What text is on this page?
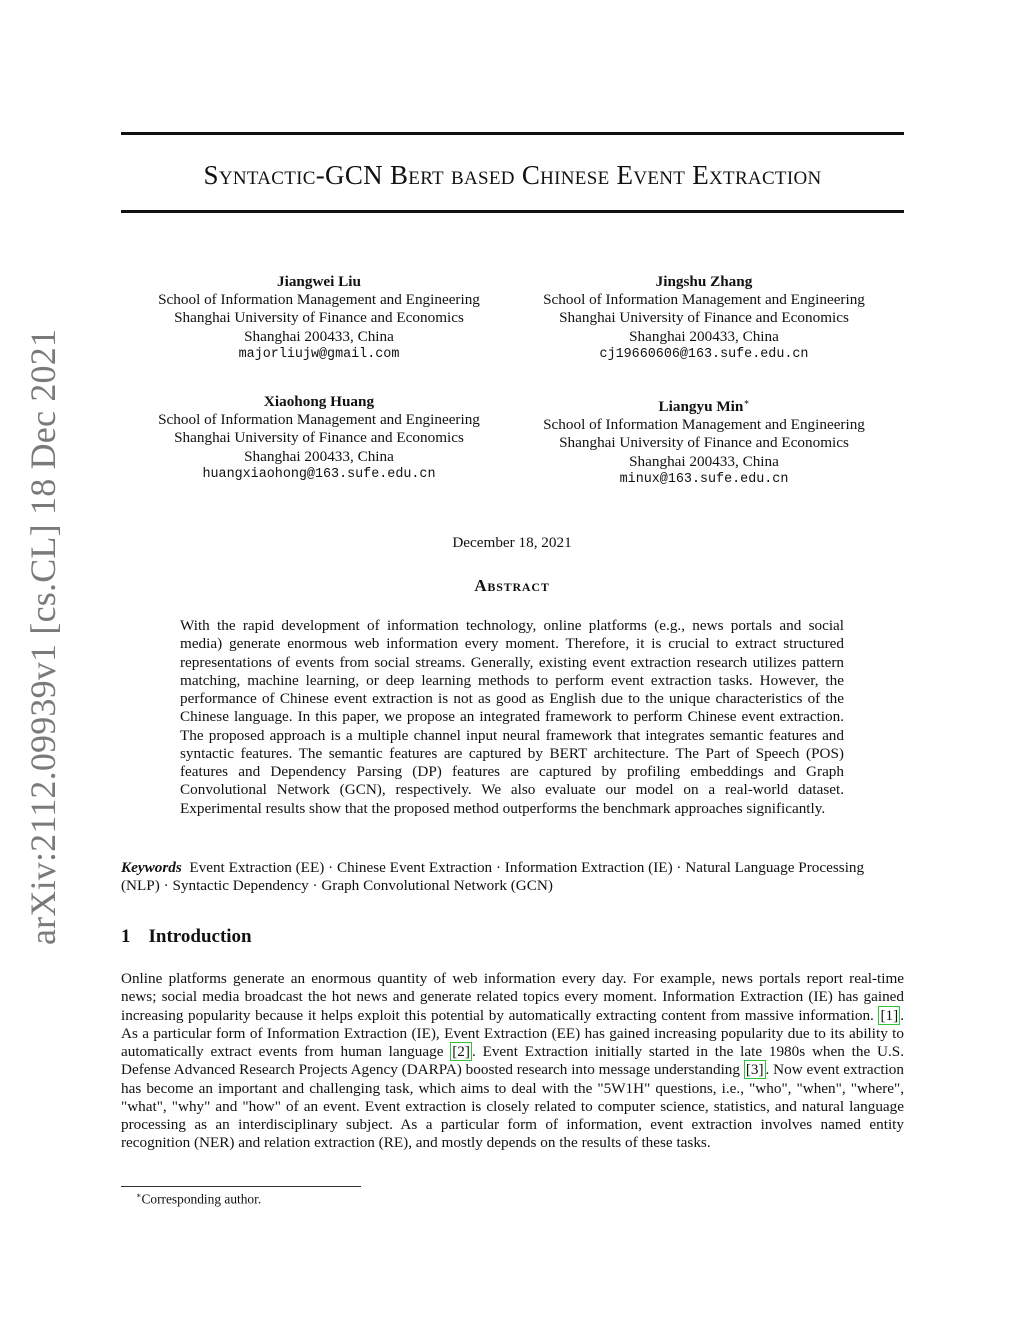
arXiv:2112.09939v1 [cs.CL] 18 Dec 2021
Syntactic-GCN Bert based Chinese Event Extraction
Jiangwei Liu
School of Information Management and Engineering
Shanghai University of Finance and Economics
Shanghai 200433, China
majorliujw@gmail.com
Jingshu Zhang
School of Information Management and Engineering
Shanghai University of Finance and Economics
Shanghai 200433, China
cj19660606@163.sufe.edu.cn
Xiaohong Huang
School of Information Management and Engineering
Shanghai University of Finance and Economics
Shanghai 200433, China
huangxiaohong@163.sufe.edu.cn
Liangyu Min∗
School of Information Management and Engineering
Shanghai University of Finance and Economics
Shanghai 200433, China
minux@163.sufe.edu.cn
December 18, 2021
Abstract
With the rapid development of information technology, online platforms (e.g., news portals and social media) generate enormous web information every moment. Therefore, it is crucial to extract structured representations of events from social streams. Generally, existing event extraction research utilizes pattern matching, machine learning, or deep learning methods to perform event extraction tasks. However, the performance of Chinese event extraction is not as good as English due to the unique characteristics of the Chinese language. In this paper, we propose an integrated framework to perform Chinese event extraction. The proposed approach is a multiple channel input neural framework that integrates semantic features and syntactic features. The semantic features are captured by BERT architecture. The Part of Speech (POS) features and Dependency Parsing (DP) features are captured by profiling embeddings and Graph Convolutional Network (GCN), respectively. We also evaluate our model on a real-world dataset. Experimental results show that the proposed method outperforms the benchmark approaches significantly.
Keywords Event Extraction (EE) · Chinese Event Extraction · Information Extraction (IE) · Natural Language Processing (NLP) · Syntactic Dependency · Graph Convolutional Network (GCN)
1 Introduction
Online platforms generate an enormous quantity of web information every day. For example, news portals report real-time news; social media broadcast the hot news and generate related topics every moment. Information Extraction (IE) has gained increasing popularity because it helps exploit this potential by automatically extracting content from massive information. [1] . As a particular form of Information Extraction (IE), Event Extraction (EE) has gained increasing popularity due to its ability to automatically extract events from human language [2] . Event Extraction initially started in the late 1980s when the U.S. Defense Advanced Research Projects Agency (DARPA) boosted research into message understanding [3] . Now event extraction has become an important and challenging task, which aims to deal with the "5W1H" questions, i.e., "who", "when", "where", "what", "why" and "how" of an event. Event extraction is closely related to computer science, statistics, and natural language processing as an interdisciplinary subject. As a particular form of information, event extraction involves named entity recognition (NER) and relation extraction (RE), and mostly depends on the results of these tasks.
∗Corresponding author.
